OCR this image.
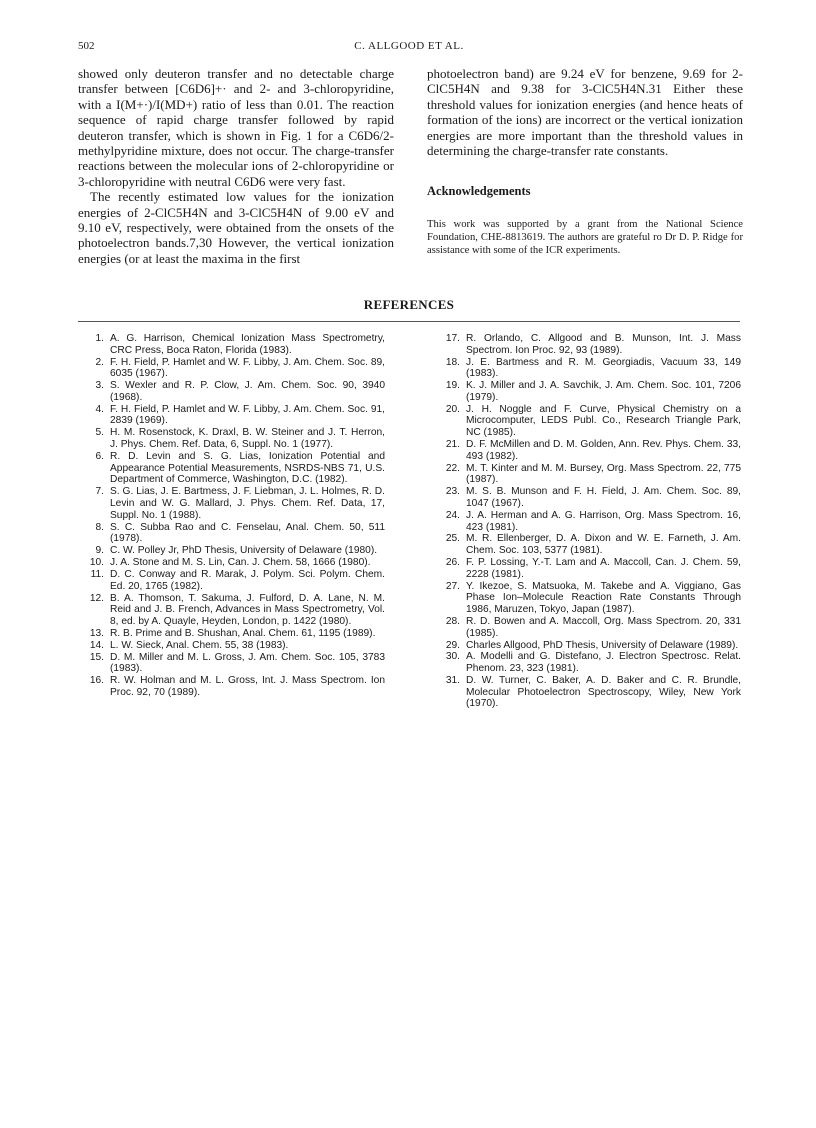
502	C. ALLGOOD ET AL.

showed only deuteron transfer and no detectable charge transfer between [C6D6]+· and 2- and 3-chloropyridine, with a I(M+·)/I(MD+) ratio of less than 0.01. The reaction sequence of rapid charge transfer followed by rapid deuteron transfer, which is shown in Fig. 1 for a C6D6/2-methylpyridine mixture, does not occur. The charge-transfer reactions between the molecular ions of 2-chloropyridine or 3-chloropyridine with neutral C6D6 were very fast.

The recently estimated low values for the ionization energies of 2-ClC5H4N and 3-ClC5H4N of 9.00 eV and 9.10 eV, respectively, were obtained from the onsets of the photoelectron bands.7,30 However, the vertical ionization energies (or at least the maxima in the first

photoelectron band) are 9.24 eV for benzene, 9.69 for 2-ClC5H4N and 9.38 for 3-ClC5H4N.31 Either these threshold values for ionization energies (and hence heats of formation of the ions) are incorrect or the vertical ionization energies are more important than the threshold values in determining the charge-transfer rate constants.

Acknowledgements
This work was supported by a grant from the National Science Foundation, CHE-8813619. The authors are grateful ro Dr D. P. Ridge for assistance with some of the ICR experiments.
REFERENCES
1. A. G. Harrison, Chemical Ionization Mass Spectrometry, CRC Press, Boca Raton, Florida (1983).
2. F. H. Field, P. Hamlet and W. F. Libby, J. Am. Chem. Soc. 89, 6035 (1967).
3. S. Wexler and R. P. Clow, J. Am. Chem. Soc. 90, 3940 (1968).
4. F. H. Field, P. Hamlet and W. F. Libby, J. Am. Chem. Soc. 91, 2839 (1969).
5. H. M. Rosenstock, K. Draxl, B. W. Steiner and J. T. Herron, J. Phys. Chem. Ref. Data, 6, Suppl. No. 1 (1977).
6. R. D. Levin and S. G. Lias, Ionization Potential and Appearance Potential Measurements, NSRDS-NBS 71, U.S. Department of Commerce, Washington, D.C. (1982).
7. S. G. Lias, J. E. Bartmess, J. F. Liebman, J. L. Holmes, R. D. Levin and W. G. Mallard, J. Phys. Chem. Ref. Data, 17, Suppl. No. 1 (1988).
8. S. C. Subba Rao and C. Fenselau, Anal. Chem. 50, 511 (1978).
9. C. W. Polley Jr, PhD Thesis, University of Delaware (1980).
10. J. A. Stone and M. S. Lin, Can. J. Chem. 58, 1666 (1980).
11. D. C. Conway and R. Marak, J. Polym. Sci. Polym. Chem. Ed. 20, 1765 (1982).
12. B. A. Thomson, T. Sakuma, J. Fulford, D. A. Lane, N. M. Reid and J. B. French, Advances in Mass Spectrometry, Vol. 8, ed. by A. Quayle, Heyden, London, p. 1422 (1980).
13. R. B. Prime and B. Shushan, Anal. Chem. 61, 1195 (1989).
14. L. W. Sieck, Anal. Chem. 55, 38 (1983).
15. D. M. Miller and M. L. Gross, J. Am. Chem. Soc. 105, 3783 (1983).
16. R. W. Holman and M. L. Gross, Int. J. Mass Spectrom. Ion Proc. 92, 70 (1989).
17. R. Orlando, C. Allgood and B. Munson, Int. J. Mass Spectrom. Ion Proc. 92, 93 (1989).
18. J. E. Bartmess and R. M. Georgiadis, Vacuum 33, 149 (1983).
19. K. J. Miller and J. A. Savchik, J. Am. Chem. Soc. 101, 7206 (1979).
20. J. H. Noggle and F. Curve, Physical Chemistry on a Microcomputer, LEDS Publ. Co., Research Triangle Park, NC (1985).
21. D. F. McMillen and D. M. Golden, Ann. Rev. Phys. Chem. 33, 493 (1982).
22. M. T. Kinter and M. M. Bursey, Org. Mass Spectrom. 22, 775 (1987).
23. M. S. B. Munson and F. H. Field, J. Am. Chem. Soc. 89, 1047 (1967).
24. J. A. Herman and A. G. Harrison, Org. Mass Spectrom. 16, 423 (1981).
25. M. R. Ellenberger, D. A. Dixon and W. E. Farneth, J. Am. Chem. Soc. 103, 5377 (1981).
26. F. P. Lossing, Y.-T. Lam and A. Maccoll, Can. J. Chem. 59, 2228 (1981).
27. Y. Ikezoe, S. Matsuoka, M. Takebe and A. Viggiano, Gas Phase Ion–Molecule Reaction Rate Constants Through 1986, Maruzen, Tokyo, Japan (1987).
28. R. D. Bowen and A. Maccoll, Org. Mass Spectrom. 20, 331 (1985).
29. Charles Allgood, PhD Thesis, University of Delaware (1989).
30. A. Modelli and G. Distefano, J. Electron Spectrosc. Relat. Phenom. 23, 323 (1981).
31. D. W. Turner, C. Baker, A. D. Baker and C. R. Brundle, Molecular Photoelectron Spectroscopy, Wiley, New York (1970).
